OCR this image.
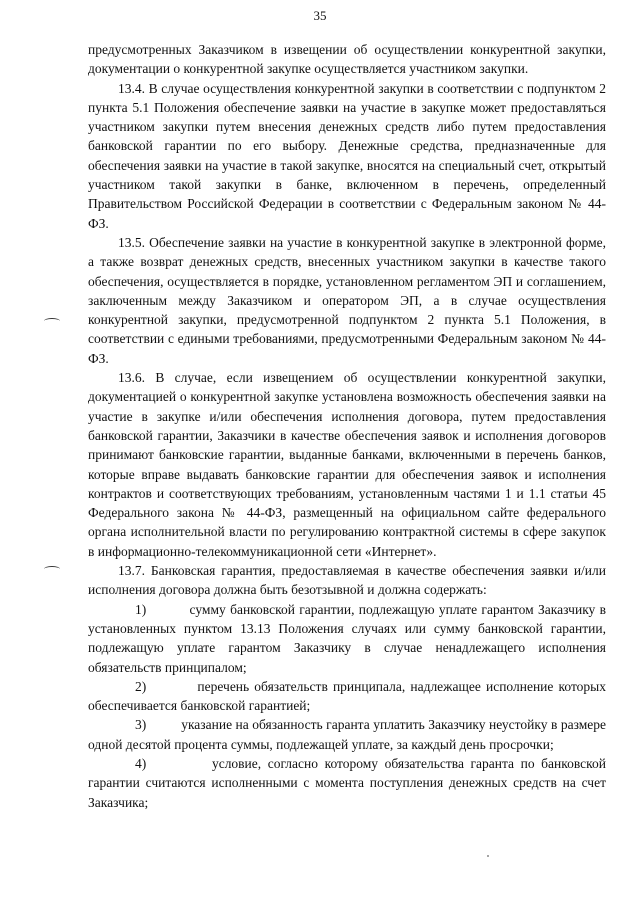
35

предусмотренных Заказчиком в извещении об осуществлении конкурентной закупки, документации о конкурентной закупке осуществляется участником закупки.

13.4. В случае осуществления конкурентной закупки в соответствии с подпунктом 2 пункта 5.1 Положения обеспечение заявки на участие в закупке может предоставляться участником закупки путем внесения денежных средств либо путем предоставления банковской гарантии по его выбору. Денежные средства, предназначенные для обеспечения заявки на участие в такой закупке, вносятся на специальный счет, открытый участником такой закупки в банке, включенном в перечень, определенный Правительством Российской Федерации в соответствии с Федеральным законом № 44-ФЗ.

13.5. Обеспечение заявки на участие в конкурентной закупке в электронной форме, а также возврат денежных средств, внесенных участником закупки в качестве такого обеспечения, осуществляется в порядке, установленном регламентом ЭП и соглашением, заключенным между Заказчиком и оператором ЭП, а в случае осуществления конкурентной закупки, предусмотренной подпунктом 2 пункта 5.1 Положения, в соответствии с едиными требованиями, предусмотренными Федеральным законом № 44-ФЗ.

13.6. В случае, если извещением об осуществлении конкурентной закупки, документацией о конкурентной закупке установлена возможность обеспечения заявки на участие в закупке и/или обеспечения исполнения договора, путем предоставления банковской гарантии, Заказчики в качестве обеспечения заявок и исполнения договоров принимают банковские гарантии, выданные банками, включенными в перечень банков, которые вправе выдавать банковские гарантии для обеспечения заявок и исполнения контрактов и соответствующих требованиям, установленным частями 1 и 1.1 статьи 45 Федерального закона № 44-ФЗ, размещенный на официальном сайте федерального органа исполнительной власти по регулированию контрактной системы в сфере закупок в информационно-телекоммуникационной сети «Интернет».

13.7. Банковская гарантия, предоставляемая в качестве обеспечения заявки и/или исполнения договора должна быть безотзывной и должна содержать:

1)	сумму банковской гарантии, подлежащую уплате гарантом Заказчику в установленных пунктом 13.13 Положения случаях или сумму банковской гарантии, подлежащую уплате гарантом Заказчику в случае ненадлежащего исполнения обязательств принципалом;

2)	перечень обязательств принципала, надлежащее исполнение которых обеспечивается банковской гарантией;

3)	указание на обязанность гаранта уплатить Заказчику неустойку в размере одной десятой процента суммы, подлежащей уплате, за каждый день просрочки;

4)	условие, согласно которому обязательства гаранта по банковской гарантии считаются исполненными с момента поступления денежных средств на счет Заказчика;
